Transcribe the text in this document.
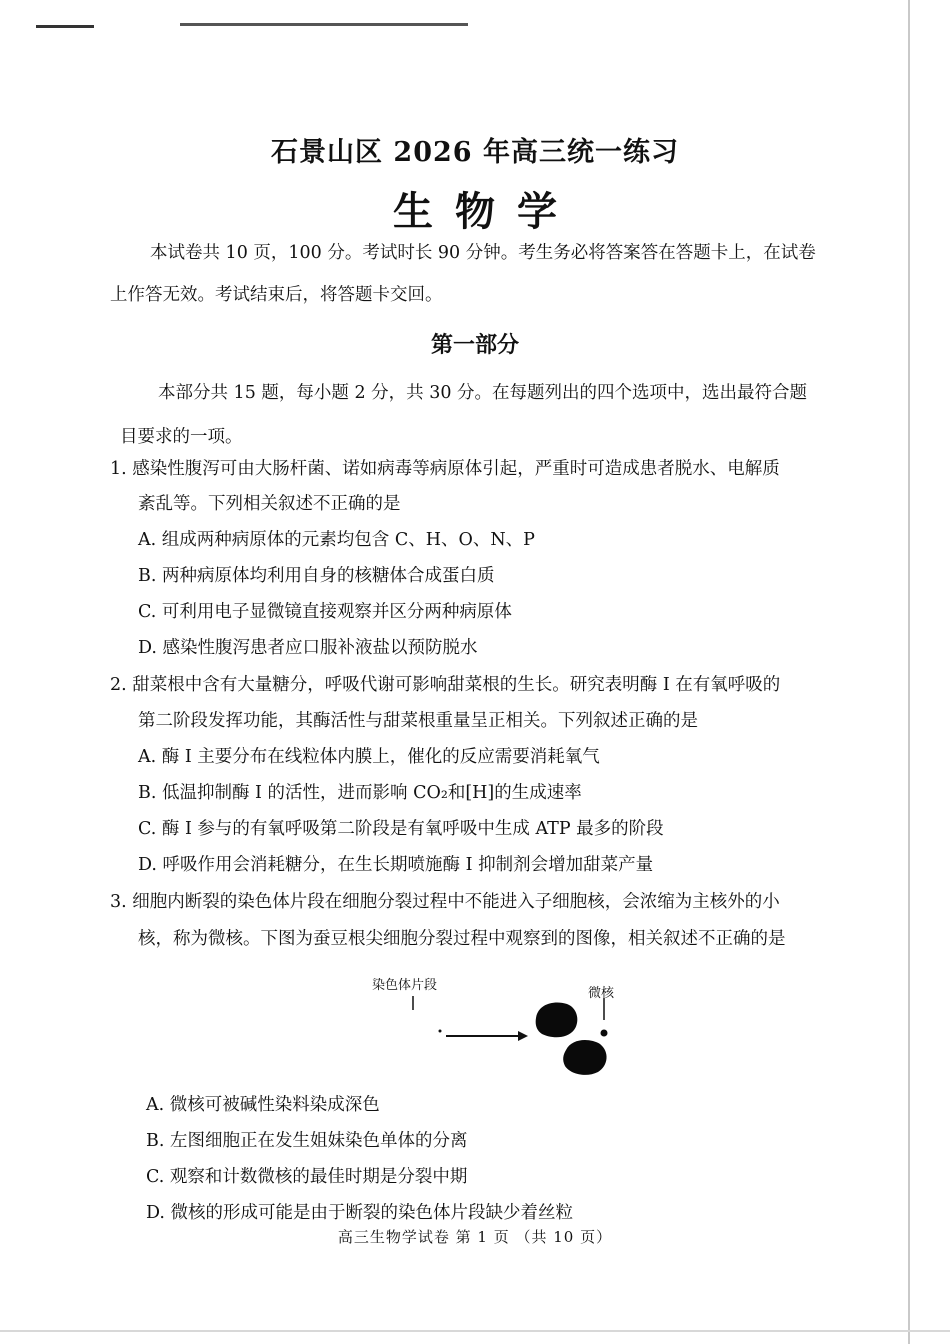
石景山区 2026 年高三统一练习
生物学
本试卷共 10 页，100 分。考试时长 90 分钟。考生务必将答案答在答题卡上，在试卷
上作答无效。考试结束后，将答题卡交回。
第一部分
本部分共 15 题，每小题 2 分，共 30 分。在每题列出的四个选项中，选出最符合题
目要求的一项。
1. 感染性腹泻可由大肠杆菌、诺如病毒等病原体引起，严重时可造成患者脱水、电解质
紊乱等。下列相关叙述不正确的是
A. 组成两种病原体的元素均包含 C、H、O、N、P
B. 两种病原体均利用自身的核糖体合成蛋白质
C. 可利用电子显微镜直接观察并区分两种病原体
D. 感染性腹泻患者应口服补液盐以预防脱水
2. 甜菜根中含有大量糖分，呼吸代谢可影响甜菜根的生长。研究表明酶 I 在有氧呼吸的
第二阶段发挥功能，其酶活性与甜菜根重量呈正相关。下列叙述正确的是
A. 酶 I 主要分布在线粒体内膜上，催化的反应需要消耗氧气
B. 低温抑制酶 I 的活性，进而影响 CO₂和[H]的生成速率
C. 酶 I 参与的有氧呼吸第二阶段是有氧呼吸中生成 ATP 最多的阶段
D. 呼吸作用会消耗糖分，在生长期喷施酶 I 抑制剂会增加甜菜产量
3. 细胞内断裂的染色体片段在细胞分裂过程中不能进入子细胞核，会浓缩为主核外的小
核，称为微核。下图为蚕豆根尖细胞分裂过程中观察到的图像，相关叙述不正确的是
染色体片段
微核
A. 微核可被碱性染料染成深色
B. 左图细胞正在发生姐妹染色单体的分离
C. 观察和计数微核的最佳时期是分裂中期
D. 微核的形成可能是由于断裂的染色体片段缺少着丝粒
高三生物学试卷 第 1 页 （共 10 页）
